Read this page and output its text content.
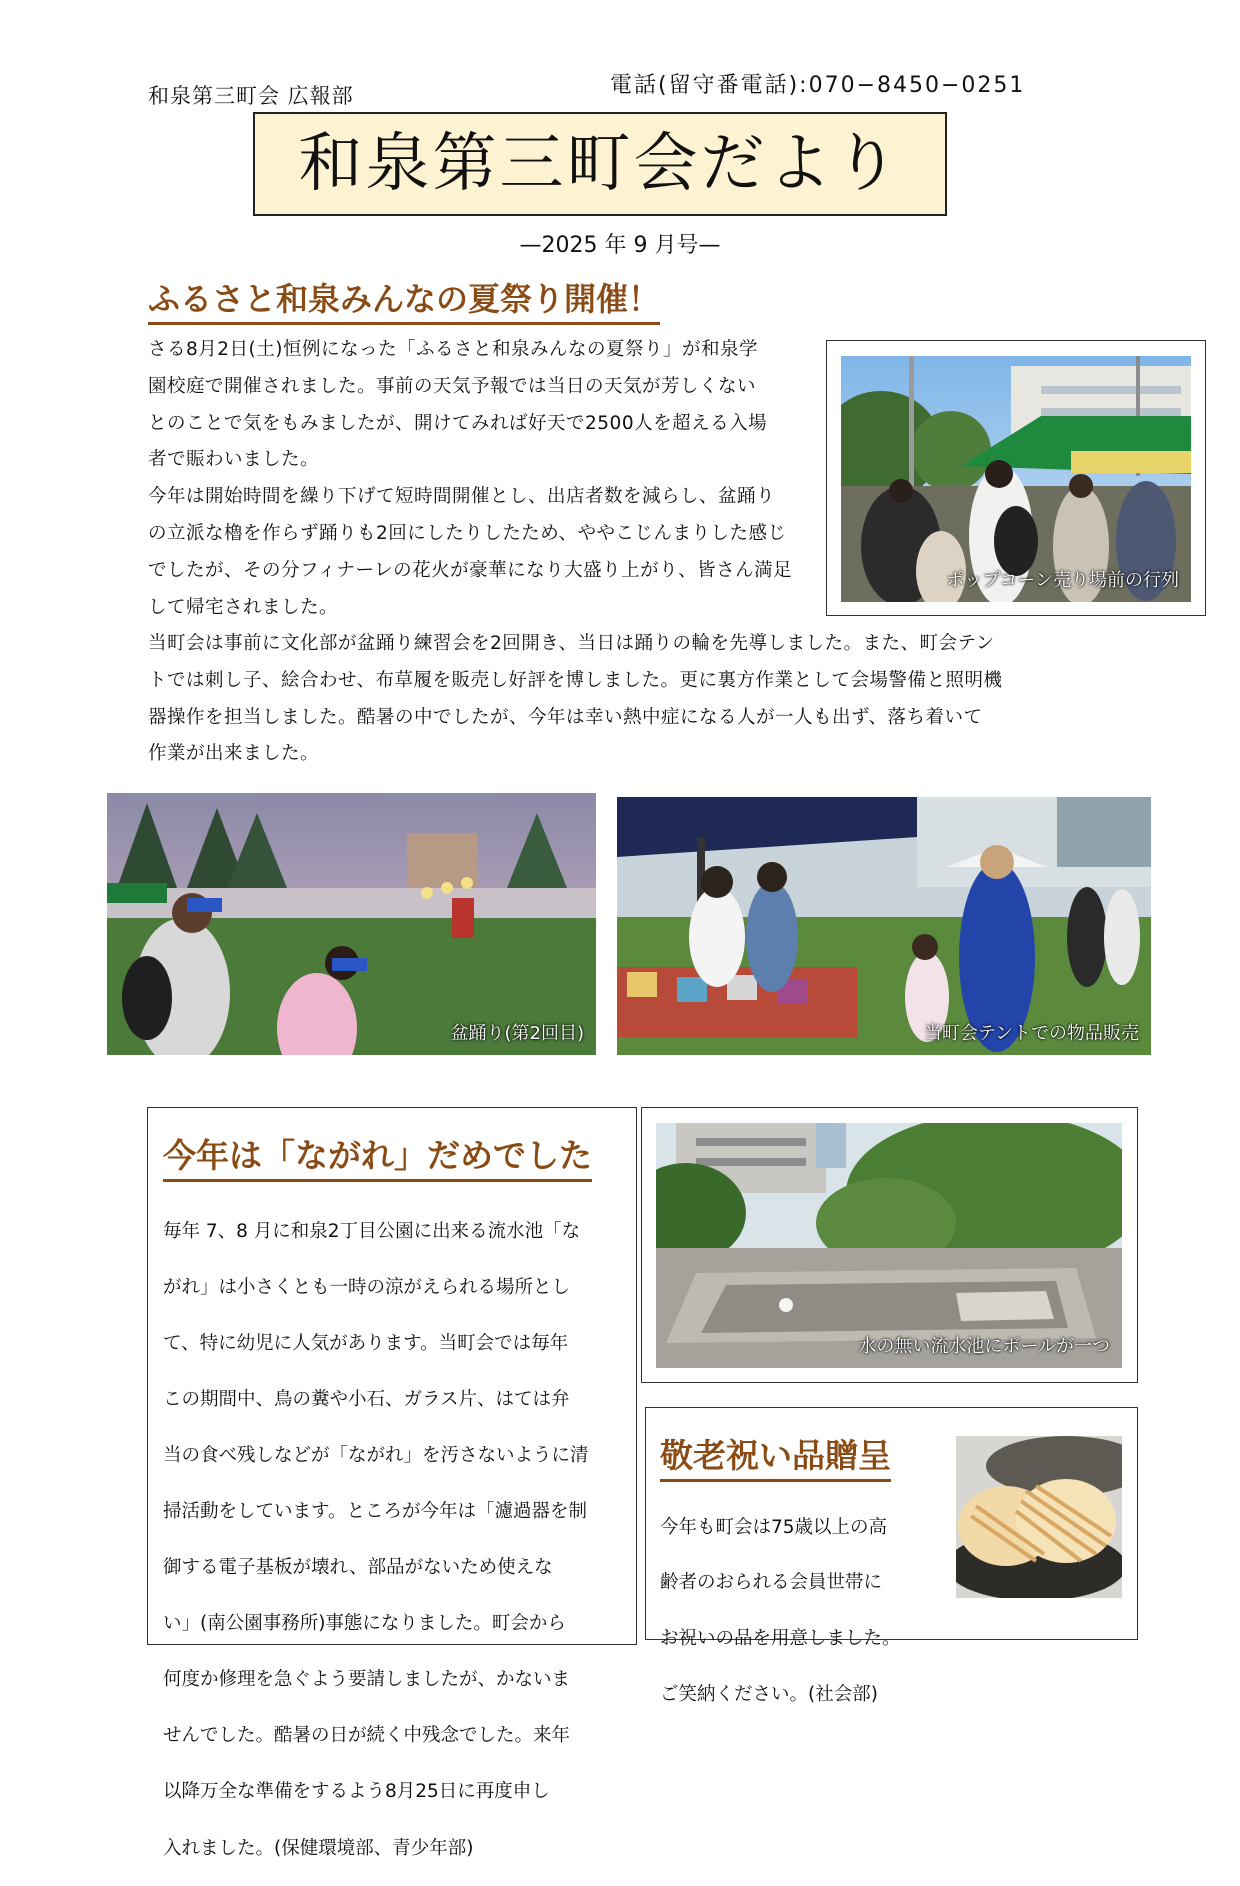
和泉第三町会 広報部	電話(留守番電話):070−8450−0251
和泉第三町会だより
—2025 年 9 月号—
ふるさと和泉みんなの夏祭り開催！

さる8月2日(土)恒例になった「ふるさと和泉みんなの夏祭り」が和泉学

園校庭で開催されました。事前の天気予報では当日の天気が芳しくない

とのことで気をもみましたが、開けてみれば好天で2500人を超える入場

者で賑わいました。

今年は開始時間を繰り下げて短時間開催とし、出店者数を減らし、盆踊り

の立派な櫓を作らず踊りも2回にしたりしたため、ややこじんまりした感じ

でしたが、その分フィナーレの花火が豪華になり大盛り上がり、皆さん満足

して帰宅されました。

当町会は事前に文化部が盆踊り練習会を2回開き、当日は踊りの輪を先導しました。また、町会テン

トでは刺し子、絵合わせ、布草履を販売し好評を博しました。更に裏方作業として会場警備と照明機

器操作を担当しました。酷暑の中でしたが、今年は幸い熱中症になる人が一人も出ず、落ち着いて

作業が出来ました。

ポップコーン売り場前の行列
盆踊り(第2回目)	当町会テントでの物品販売
今年は「ながれ」だめでした

毎年 7、8 月に和泉2丁目公園に出来る流水池「な

がれ」は小さくとも一時の涼がえられる場所とし

て、特に幼児に人気があります。当町会では毎年

この期間中、鳥の糞や小石、ガラス片、はては弁

当の食べ残しなどが「ながれ」を汚さないように清

掃活動をしています。ところが今年は「濾過器を制

御する電子基板が壊れ、部品がないため使えな

い」(南公園事務所)事態になりました。町会から

何度か修理を急ぐよう要請しましたが、かないま

せんでした。酷暑の日が続く中残念でした。来年

以降万全な準備をするよう8月25日に再度申し

入れました。(保健環境部、青少年部)

水の無い流水池にボールが一つ
敬老祝い品贈呈

今年も町会は75歳以上の高

齢者のおられる会員世帯に

お祝いの品を用意しました。

ご笑納ください。(社会部)
